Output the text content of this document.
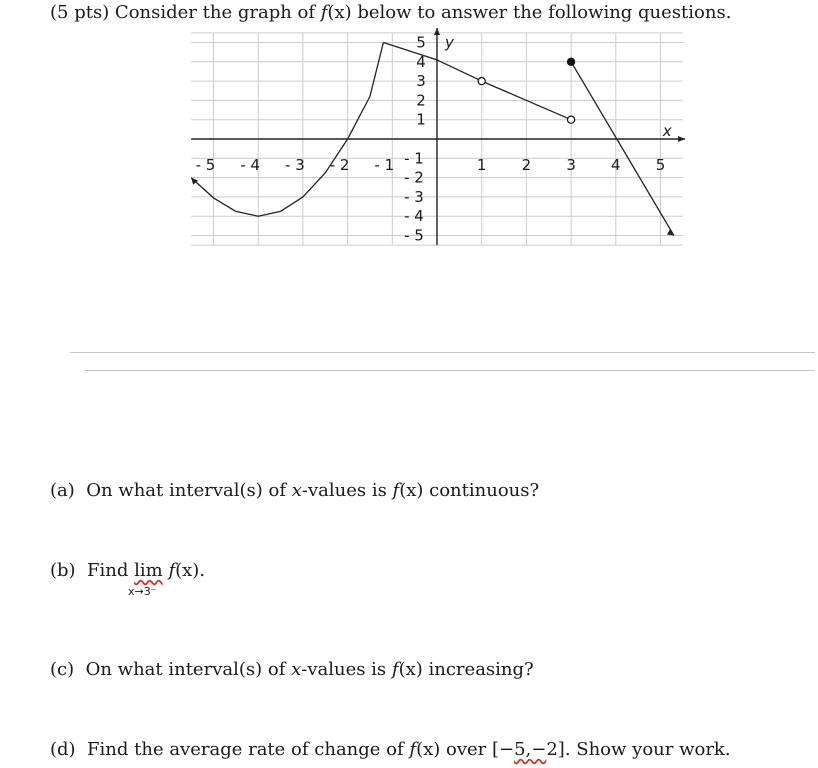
(5 pts) Consider the graph of f(x) below to answer the following questions.
- 5 - 4 - 3 - 2 - 1	1 2 3 4 5
5
4
3
2
1
- 1
- 2
- 3
- 4
- 5
x
y
(a) On what interval(s) of x-values is f(x) continuous?
(b) Find lim f(x).
x→3⁻
(c) On what interval(s) of x-values is f(x) increasing?
(d) Find the average rate of change of f(x) over [−5,−2]. Show your work.
